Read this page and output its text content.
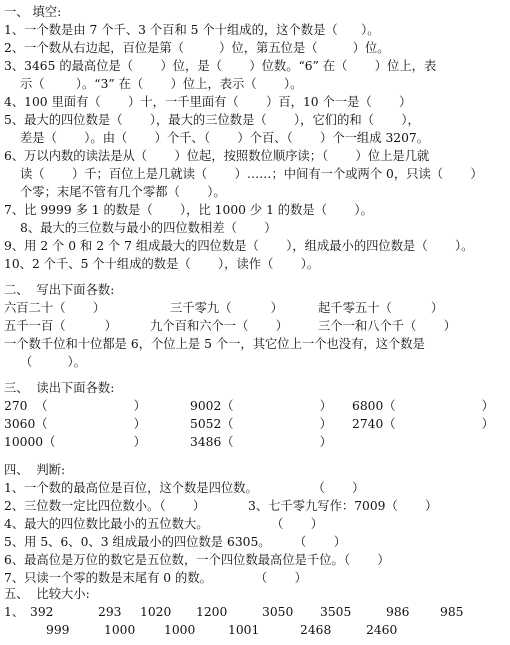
一、 填空:
1、一个数是由 7 个千、3 个百和 5 个十组成的，这个数是（      ）。
2、一个数从右边起，百位是第（         ）位，第五位是（         ）位。
3、3465 的最高位是（       ）位，是（       ）位数。“6” 在（       ）位上，表
示（        ）。“3” 在（       ）位上，表示（       ）。
4、100 里面有（       ）十，一千里面有（       ）百，10 个一是（       ）
5、最大的四位数是（       ），最大的三位数是（       ），它们的和（       ），
差是（       ）。由（       ）个千、（       ）个百、（       ）个一组成 3207。
6、万以内数的读法是从（       ）位起，按照数位顺序读；（       ）位上是几就
读（       ）千；百位上是几就读（       ）……；中间有一个或两个 0，只读（       ）
个零；末尾不管有几个零都（       ）。
7、比 9999 多 1 的数是（       ），比 1000 少 1 的数是（       ）。
8、最大的三位数与最小的四位数相差（       ）
9、用 2 个 0 和 2 个 7 组成最大的四位数是（       ），组成最小的四位数是（       ）。
10、2 个千、5 个十组成的数是（       ），读作（       ）。
二、  写出下面各数:
六百二十（       ）	三千零九（          ）	起千零五十（          ）
五千一百（          ）	九个百和六个一（       ） 三个一和八个千（       ）
一个数千位和十位都是 6，个位上是 5 个一，其它位上一个也没有，这个数是
（         ）。
三、  读出下面各数:
270  （                      ）	9002（                      ） 6800（                      ）
3060（                      ）	5052（                      ） 2740（                      ）
10000（                    ）	3486（                      ）
四、  判断:
1、一个数的最高位是百位，这个数是四位数。              （       ）
2、三位数一定比四位数小。（       ）	3、七千零九写作：7009（       ）
4、最大的四位数比最小的五位数大。                （       ）
5、用 5、6、0、3 组成最小的四位数是 6305。      （       ）
6、最高位是万位的数它是五位数，一个四位数最高位是千位。（       ）
7、只读一个零的数是末尾有 0 的数。           （       ）
五、  比较大小:
1、 392	293 1020 1200	3050 3505	986 985
999	1000 1000	1001	2468	2460
